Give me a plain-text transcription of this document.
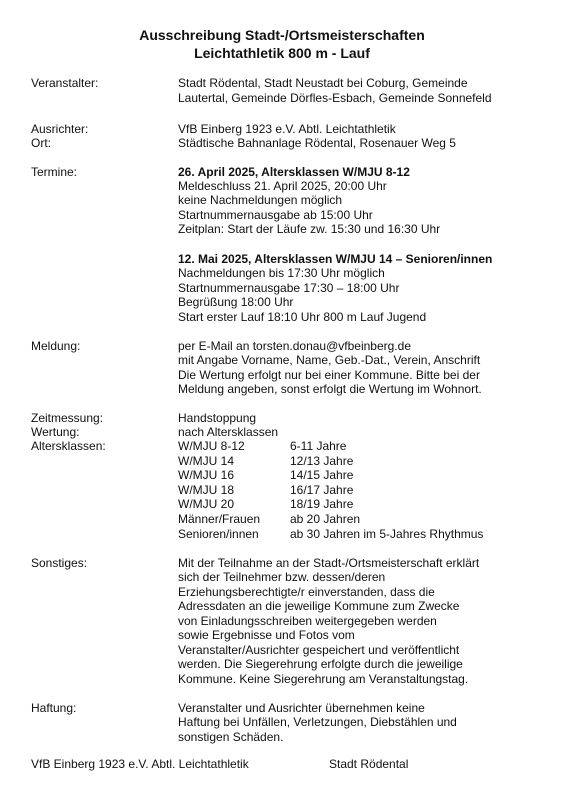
Ausschreibung Stadt-/Ortsmeisterschaften
Leichtathletik 800 m - Lauf
Veranstalter:	Stadt Rödental, Stadt Neustadt bei Coburg, Gemeinde
Lautertal, Gemeinde Dörfles-Esbach, Gemeinde Sonnefeld
Ausrichter:	VfB Einberg 1923 e.V. Abtl. Leichtathletik
Ort:	Städtische Bahnanlage Rödental, Rosenauer Weg 5
Termine:	26. April 2025, Altersklassen W/MJU 8-12
Meldeschluss 21. April 2025, 20:00 Uhr
keine Nachmeldungen möglich
Startnummernausgabe ab 15:00 Uhr
Zeitplan: Start der Läufe zw. 15:30 und 16:30 Uhr
12. Mai 2025, Altersklassen W/MJU 14 – Senioren/innen
Nachmeldungen bis 17:30 Uhr möglich
Startnummernausgabe 17:30 – 18:00 Uhr
Begrüßung 18:00 Uhr
Start erster Lauf 18:10 Uhr 800 m Lauf Jugend
Meldung:	per E-Mail an torsten.donau@vfbeinberg.de
mit Angabe Vorname, Name, Geb.-Dat., Verein, Anschrift
Die Wertung erfolgt nur bei einer Kommune. Bitte bei der
Meldung angeben, sonst erfolgt die Wertung im Wohnort.
Zeitmessung:	Handstoppung
Wertung:	nach Altersklassen
Altersklassen:	W/MJU 8-12	6-11 Jahre
W/MJU 14	12/13 Jahre
W/MJU 16	14/15 Jahre
W/MJU 18	16/17 Jahre
W/MJU 20	18/19 Jahre
Männer/Frauen	ab 20 Jahren
Senioren/innen	ab 30 Jahren im 5-Jahres Rhythmus
Sonstiges:	Mit der Teilnahme an der Stadt-/Ortsmeisterschaft erklärt
sich der Teilnehmer bzw. dessen/deren
Erziehungsberechtigte/r einverstanden, dass die
Adressdaten an die jeweilige Kommune zum Zwecke
von Einladungsschreiben weitergegeben werden
sowie Ergebnisse und Fotos vom
Veranstalter/Ausrichter gespeichert und veröffentlicht
werden. Die Siegerehrung erfolgte durch die jeweilige
Kommune. Keine Siegerehrung am Veranstaltungstag.
Haftung:	Veranstalter und Ausrichter übernehmen keine
Haftung bei Unfällen, Verletzungen, Diebstählen und
sonstigen Schäden.
VfB Einberg 1923 e.V. Abtl. Leichtathletik	Stadt Rödental
